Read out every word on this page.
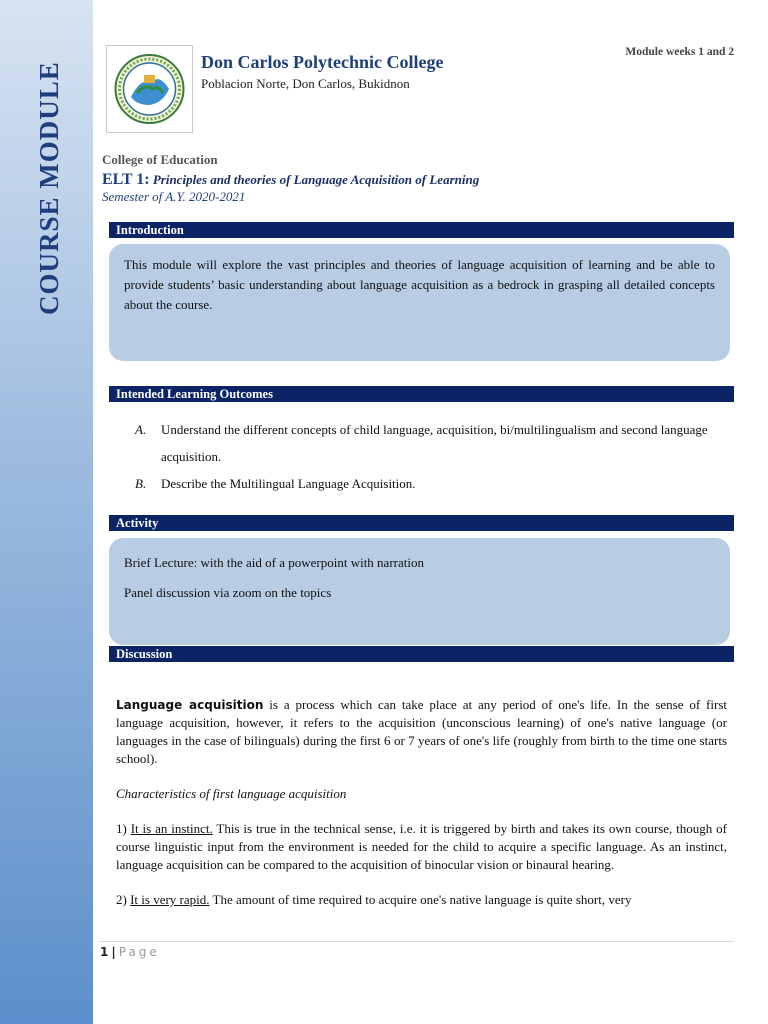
COURSE MODULE	Don Carlos Polytechnic College
Poblacion Norte, Don Carlos, Bukidnon
Module weeks 1 and 2
College of Education
ELT 1: Principles and theories of Language Acquisition of Learning
Semester of A.Y. 2020-2021
Introduction

This module will explore the vast principles and theories of language acquisition of learning and be able to provide students’ basic understanding about language acquisition as a bedrock in grasping all detailed concepts about the course.

Intended Learning Outcomes
A.	Understand the different concepts of child language, acquisition, bi/multilingualism and second language acquisition.
B.	Describe the Multilingual Language Acquisition.
Activity

Brief Lecture: with the aid of a powerpoint with narration

Panel discussion via zoom on the topics

Discussion

Language acquisition is a process which can take place at any period of one's life. In the sense of first language acquisition, however, it refers to the acquisition (unconscious learning) of one's native language (or languages in the case of bilinguals) during the first 6 or 7 years of one's life (roughly from birth to the time one starts school).

Characteristics of first language acquisition

1) It is an instinct. This is true in the technical sense, i.e. it is triggered by birth and takes its own course, though of course linguistic input from the environment is needed for the child to acquire a specific language. As an instinct, language acquisition can be compared to the acquisition of binocular vision or binaural hearing.

2) It is very rapid. The amount of time required to acquire one's native language is quite short, very

1 | Page
